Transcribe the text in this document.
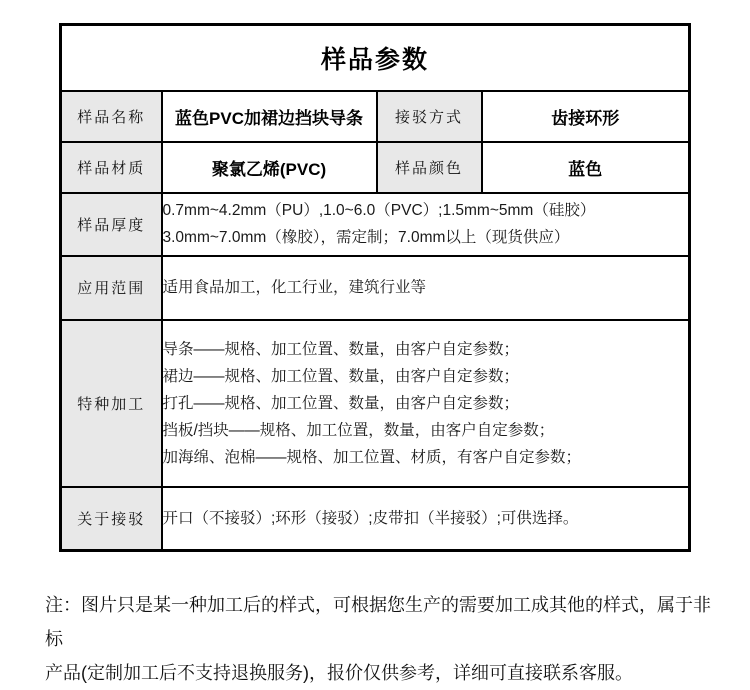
样品参数			
样品名称	蓝色PVC加裙边挡块导条	接驳方式	齿接环形
样品材质	聚氯乙烯(PVC)	样品颜色	蓝色
样品厚度	0.7mm~4.2mm（PU）,1.0~6.0（PVC）;1.5mm~5mm（硅胶）
3.0mm~7.0mm（橡胶），需定制；7.0mm以上（现货供应）		

应用范围	适用食品加工，化工行业，建筑行业等		
特种加工	导条——规格、加工位置、数量，由客户自定参数；
裙边——规格、加工位置、数量，由客户自定参数；
打孔——规格、加工位置、数量，由客户自定参数；
挡板/挡块——规格、加工位置，数量，由客户自定参数；
加海绵、泡棉——规格、加工位置、材质，有客户自定参数；		

关于接驳	开口（不接驳）;环形（接驳）;皮带扣（半接驳）;可供选择。		
注：图片只是某一种加工后的样式，可根据您生产的需要加工成其他的样式，属于非标
产品(定制加工后不支持退换服务)，报价仅供参考，详细可直接联系客服。
